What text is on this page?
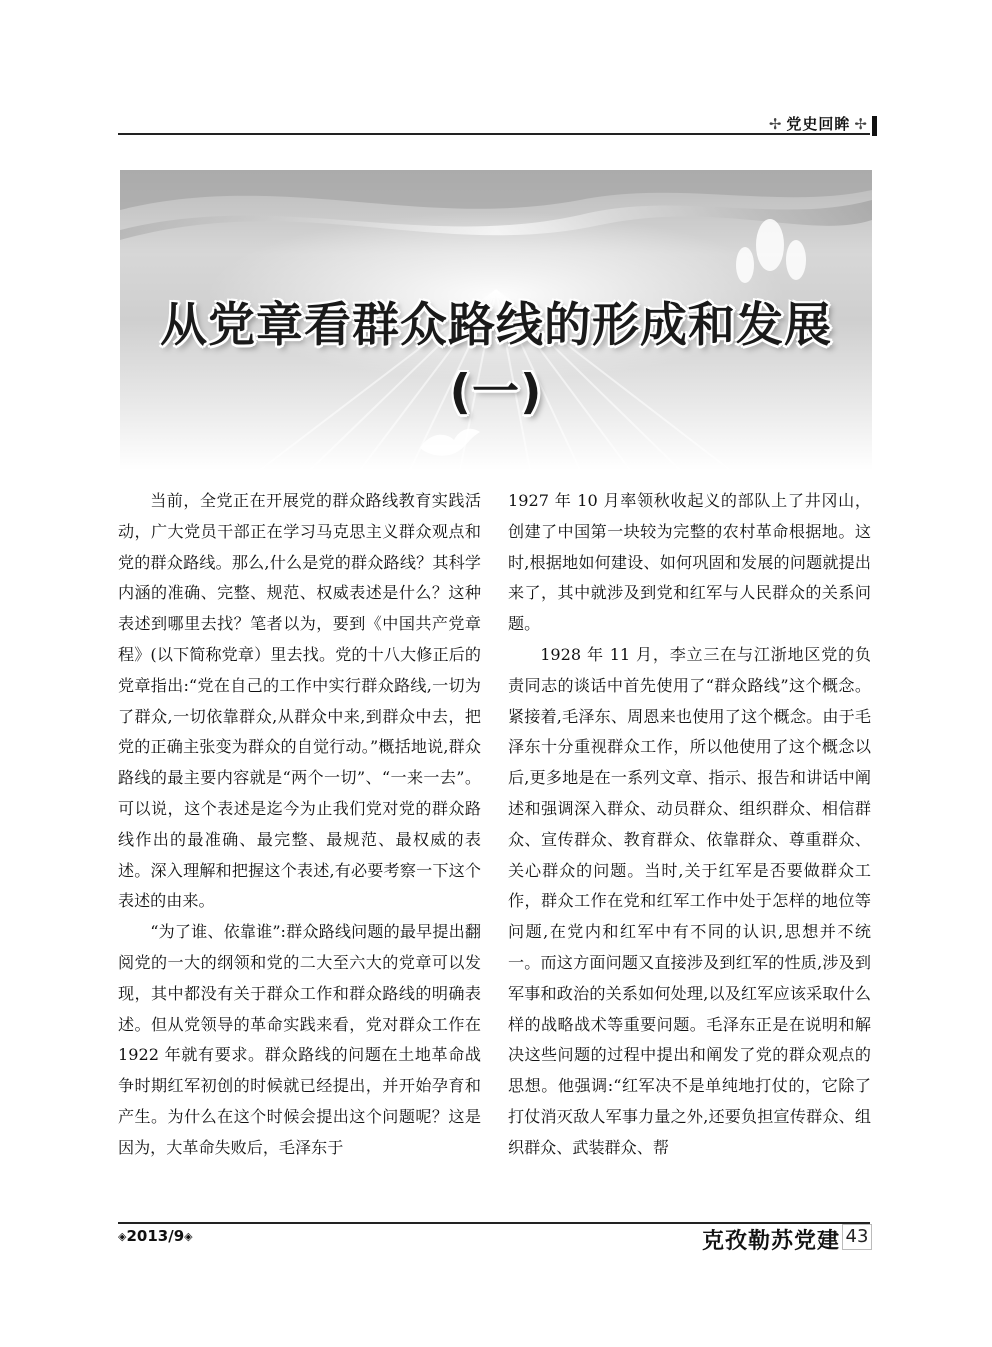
✢ 党史回眸 ✢
从党章看群众路线的形成和发展(一)

当前，全党正在开展党的群众路线教育实践活动，广大党员干部正在学习马克思主义群众观点和党的群众路线。那么,什么是党的群众路线？其科学内涵的准确、完整、规范、权威表述是什么？这种表述到哪里去找？笔者以为，要到《中国共产党章程》(以下简称党章）里去找。党的十八大修正后的党章指出:“党在自己的工作中实行群众路线,一切为了群众,一切依靠群众,从群众中来,到群众中去，把党的正确主张变为群众的自觉行动。”概括地说,群众路线的最主要内容就是“两个一切”、“一来一去”。可以说，这个表述是迄今为止我们党对党的群众路线作出的最准确、最完整、最规范、最权威的表述。深入理解和把握这个表述,有必要考察一下这个表述的由来。

“为了谁、依靠谁”:群众路线问题的最早提出翻阅党的一大的纲领和党的二大至六大的党章可以发现，其中都没有关于群众工作和群众路线的明确表述。但从党领导的革命实践来看，党对群众工作在 1922 年就有要求。群众路线的问题在土地革命战争时期红军初创的时候就已经提出，并开始孕育和产生。为什么在这个时候会提出这个问题呢？这是因为，大革命失败后，毛泽东于

1927 年 10 月率领秋收起义的部队上了井冈山，创建了中国第一块较为完整的农村革命根据地。这时,根据地如何建设、如何巩固和发展的问题就提出来了，其中就涉及到党和红军与人民群众的关系问题。

1928 年 11 月，李立三在与江浙地区党的负责同志的谈话中首先使用了“群众路线”这个概念。紧接着,毛泽东、周恩来也使用了这个概念。由于毛泽东十分重视群众工作，所以他使用了这个概念以后,更多地是在一系列文章、指示、报告和讲话中阐述和强调深入群众、动员群众、组织群众、相信群众、宣传群众、教育群众、依靠群众、尊重群众、关心群众的问题。当时,关于红军是否要做群众工作，群众工作在党和红军工作中处于怎样的地位等问题,在党内和红军中有不同的认识,思想并不统一。而这方面问题又直接涉及到红军的性质,涉及到军事和政治的关系如何处理,以及红军应该采取什么样的战略战术等重要问题。毛泽东正是在说明和解决这些问题的过程中提出和阐发了党的群众观点的思想。他强调:“红军决不是单纯地打仗的，它除了打仗消灭敌人军事力量之外,还要负担宣传群众、组织群众、武装群众、帮

◈2013/9◈	克孜勒苏党建 43
